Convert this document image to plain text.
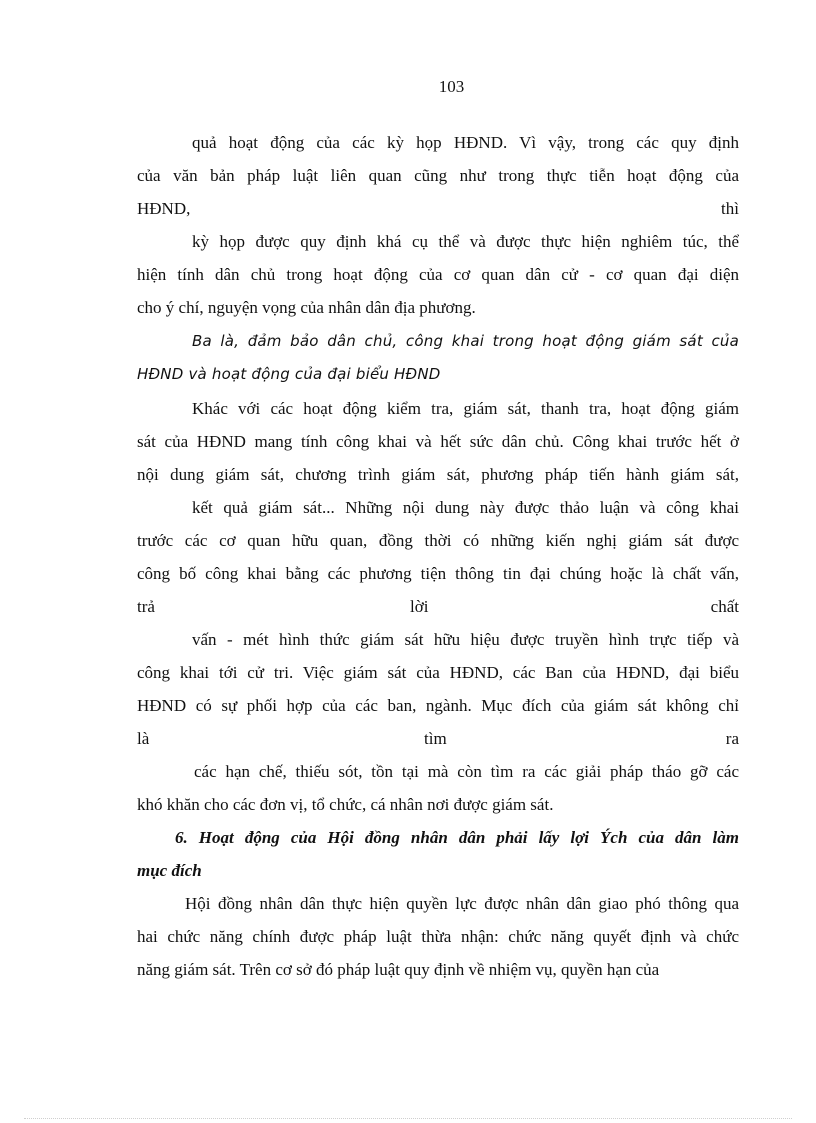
103
quả hoạt động của các kỳ họp HĐND. Vì vậy, trong các quy định
của văn bản pháp luật liên quan cũng như trong thực tiễn hoạt động của
HĐND,	thì
kỳ họp được quy định khá cụ thể và được thực hiện nghiêm túc, thể
hiện tính dân chủ trong hoạt động của cơ quan dân cử - cơ quan đại diện
cho ý chí, nguyện vọng của nhân dân địa phương.
Ba là, đảm bảo dân chủ, công khai trong hoạt động giám sát của
HĐND và hoạt động của đại biểu HĐND
Khác với các hoạt động kiểm tra, giám sát, thanh tra, hoạt động giám
sát của HĐND mang tính công khai và hết sức dân chủ. Công khai trước hết ở
nội dung giám sát, chương trình giám sát, phương pháp tiến hành giám sát,
kết quả giám sát... Những nội dung này được thảo luận và công khai
trước các cơ quan hữu quan, đồng thời có những kiến nghị giám sát được
công bố công khai bằng các phương tiện thông tin đại chúng hoặc là chất vấn,
trả	lời	chất
vấn - mét hình thức giám sát hữu hiệu được truyền hình trực tiếp và
công khai tới cử tri. Việc giám sát của HĐND, các Ban của HĐND, đại biểu
HĐND có sự phối hợp của các ban, ngành. Mục đích của giám sát không chỉ
là	tìm	ra
các hạn chế, thiếu sót, tồn tại mà còn tìm ra các giải pháp tháo gỡ các
khó khăn cho các đơn vị, tổ chức, cá nhân nơi được giám sát.
6. Hoạt động của Hội đồng nhân dân phải lấy lợi Ých của dân làm
mục đích
Hội đồng nhân dân thực hiện quyền lực được nhân dân giao phó thông qua
hai chức năng chính được pháp luật thừa nhận: chức năng quyết định và chức
năng giám sát. Trên cơ sở đó pháp luật quy định về nhiệm vụ, quyền hạn của
